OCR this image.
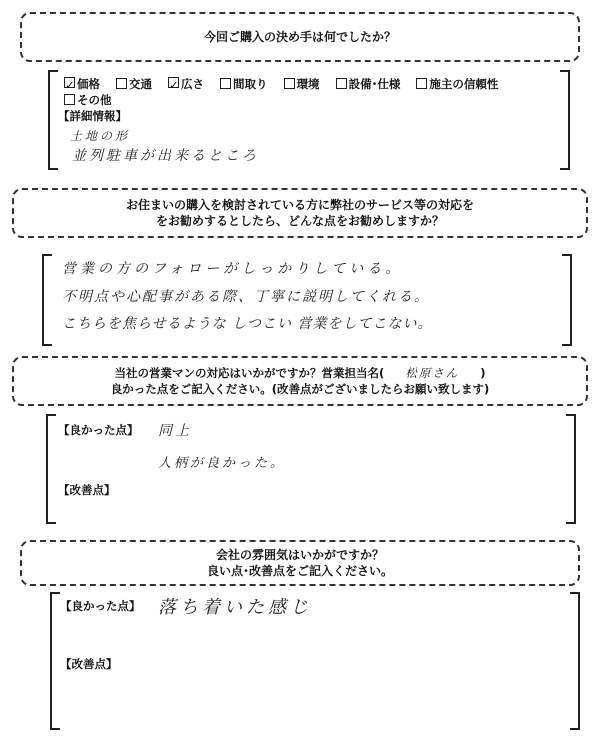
今回ご購入の決め手は何でしたか？
✓ 価格	交通 ✓ 広さ	間取り	環境	設備･仕様	施主の信頼性
その他
【詳細情報】
土地の形
並列駐車が出来るところ
お住まいの購入を検討されている方に弊社のサービス等の対応を
をお勧めするとしたら、どんな点をお勧めしますか？
営業の方のフォローがしっかりしている。
不明点や心配事がある際、丁寧に説明してくれる。
こちらを焦らせるような しつこい 営業をしてこない。
当社の営業マンの対応はいかがですか？営業担当名( 松原さん )
良かった点をご記入ください。(改善点がございましたらお願い致します)
【良かった点】 同上
人柄が良かった。
【改善点】
会社の雰囲気はいかがですか？
良い点･改善点をご記入ください。
【良かった点】 落ち着いた感じ
【改善点】
